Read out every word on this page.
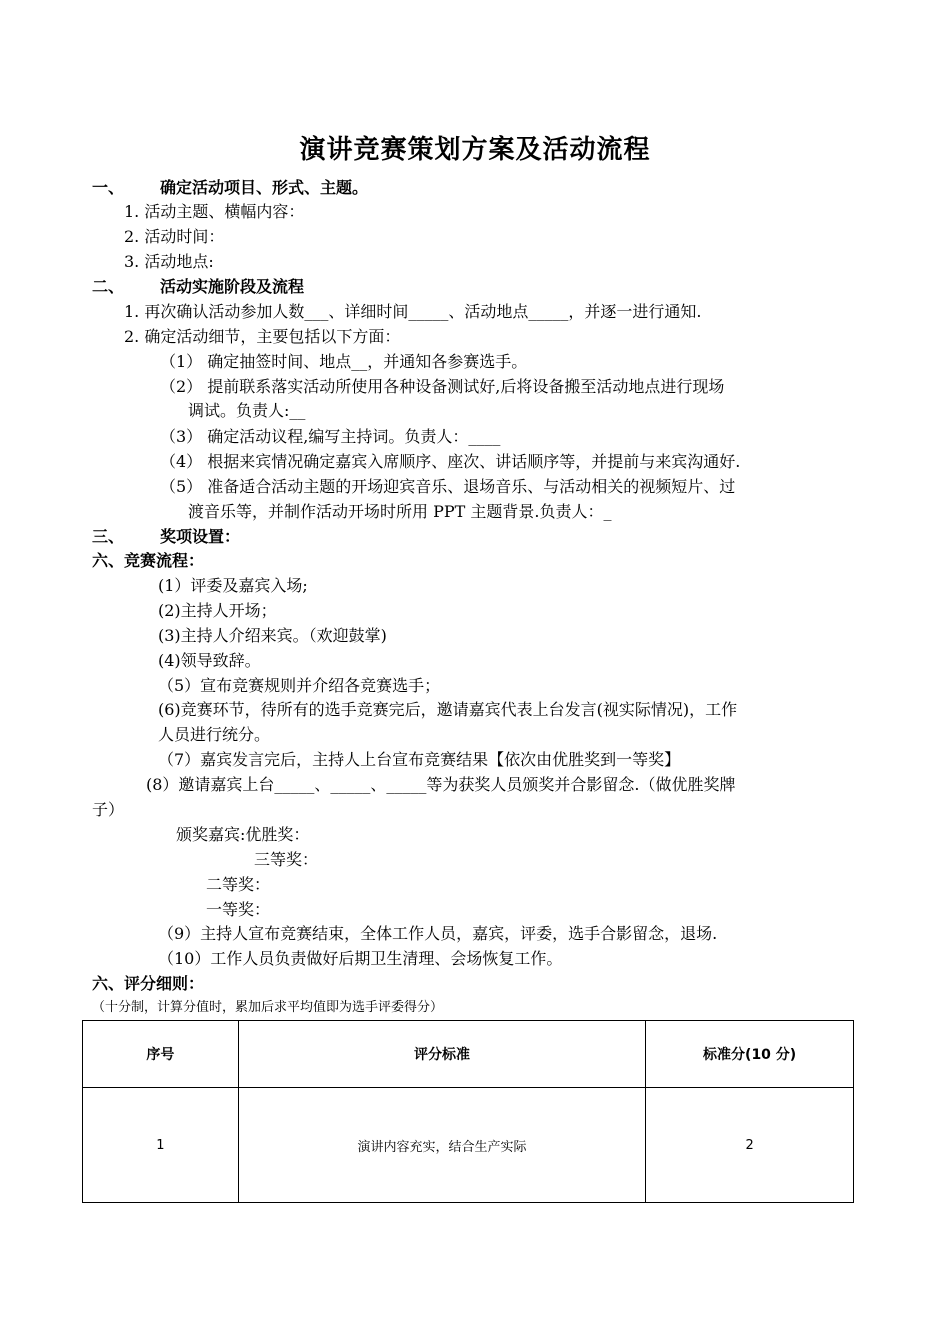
演讲竞赛策划方案及活动流程
一、 确定活动项目、形式、主题。
1. 活动主题、横幅内容：
2. 活动时间：
3. 活动地点:
二、 活动实施阶段及流程
1. 再次确认活动参加人数___、详细时间_____、活动地点_____，并逐一进行通知.
2. 确定活动细节，主要包括以下方面：
（1） 确定抽签时间、地点__，并通知各参赛选手。
（2） 提前联系落实活动所使用各种设备测试好,后将设备搬至活动地点进行现场
调试。负责人:__
（3） 确定活动议程,编写主持词。负责人：____
（4） 根据来宾情况确定嘉宾入席顺序、座次、讲话顺序等，并提前与来宾沟通好.
（5） 准备适合活动主题的开场迎宾音乐、退场音乐、与活动相关的视频短片、过
渡音乐等，并制作活动开场时所用 PPT 主题背景.负责人：_
三、 奖项设置：
六、竞赛流程：
(1）评委及嘉宾入场;
(2)主持人开场；
(3)主持人介绍来宾。（欢迎鼓掌)
(4)领导致辞。
（5）宣布竞赛规则并介绍各竞赛选手；
(6)竞赛环节，待所有的选手竞赛完后，邀请嘉宾代表上台发言(视实际情况)，工作
人员进行统分。
（7）嘉宾发言完后，主持人上台宣布竞赛结果【依次由优胜奖到一等奖】
(8）邀请嘉宾上台_____、_____、_____等为获奖人员颁奖并合影留念.（做优胜奖牌
子）
颁奖嘉宾:优胜奖：
三等奖：
二等奖：
一等奖：
（9）主持人宣布竞赛结束，全体工作人员，嘉宾，评委，选手合影留念，退场.
（10）工作人员负责做好后期卫生清理、会场恢复工作。
六、评分细则：
（十分制，计算分值时，累加后求平均值即为选手评委得分）
序号	评分标准	标准分(10 分)
1	演讲内容充实，结合生产实际	2
